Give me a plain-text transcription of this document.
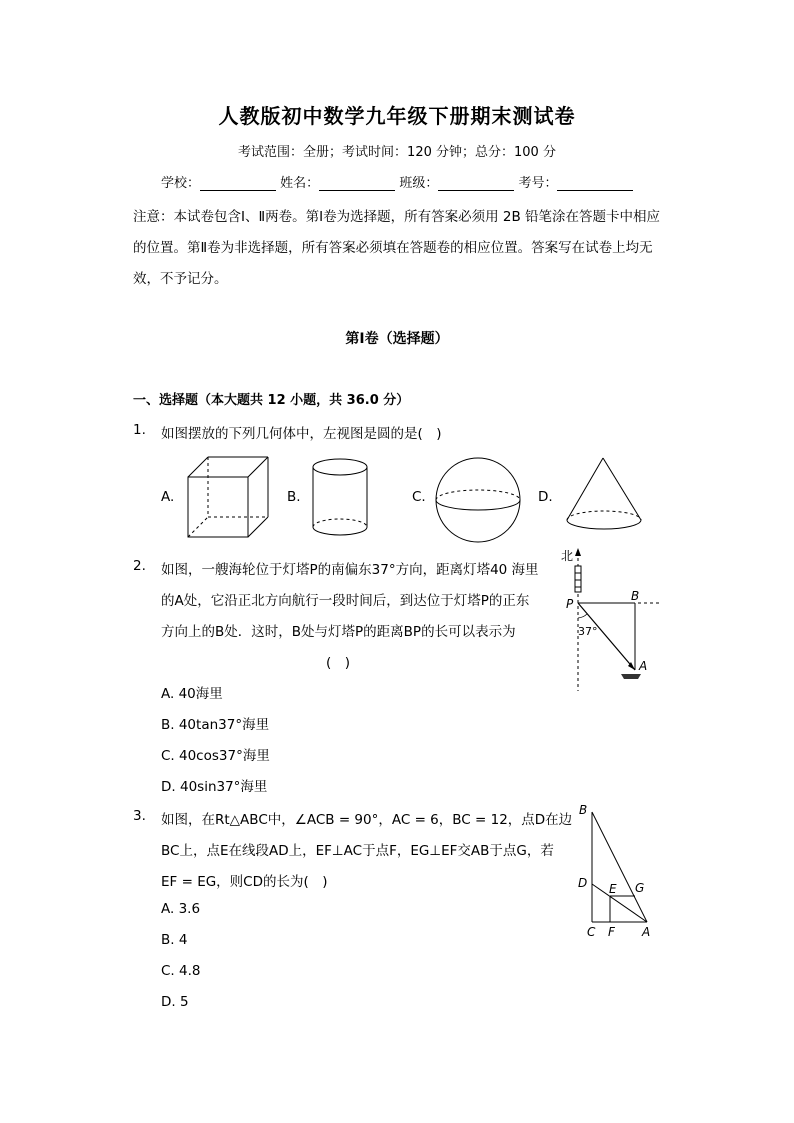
人教版初中数学九年级下册期末测试卷
考试范围：全册；考试时间：120 分钟；总分：100 分
学校：	姓名：	班级：	考号：
注意：本试卷包含Ⅰ、Ⅱ两卷。第Ⅰ卷为选择题，所有答案必须用 2B 铅笔涂在答题卡中相应的位置。第Ⅱ卷为非选择题，所有答案必须填在答题卷的相应位置。答案写在试卷上均无效，不予记分。
第Ⅰ卷（选择题）
一、选择题（本大题共 12 小题，共 36.0 分）
1. 如图摆放的下列几何体中，左视图是圆的是(　)
A.	B.	C.	D.
2. 如图，一艘海轮位于灯塔P的南偏东37°方向，距离灯塔40 海里
的A处，它沿正北方向航行一段时间后，到达位于灯塔P的正东
方向上的B处．这时，B处与灯塔P的距离BP的长可以表示为
(　)
A. 40海里
B. 40tan37°海里
C. 40cos37°海里
D. 40sin37°海里
北
P
B
A
37°
3. 如图，在Rt△ABC中，∠ACB = 90°，AC = 6，BC = 12，点D在边
BC上，点E在线段AD上，EF⊥AC于点F，EG⊥EF交AB于点G，若
EF = EG，则CD的长为(　)
A. 3.6
B. 4
C. 4.8
D. 5
B
D E G
C F A
